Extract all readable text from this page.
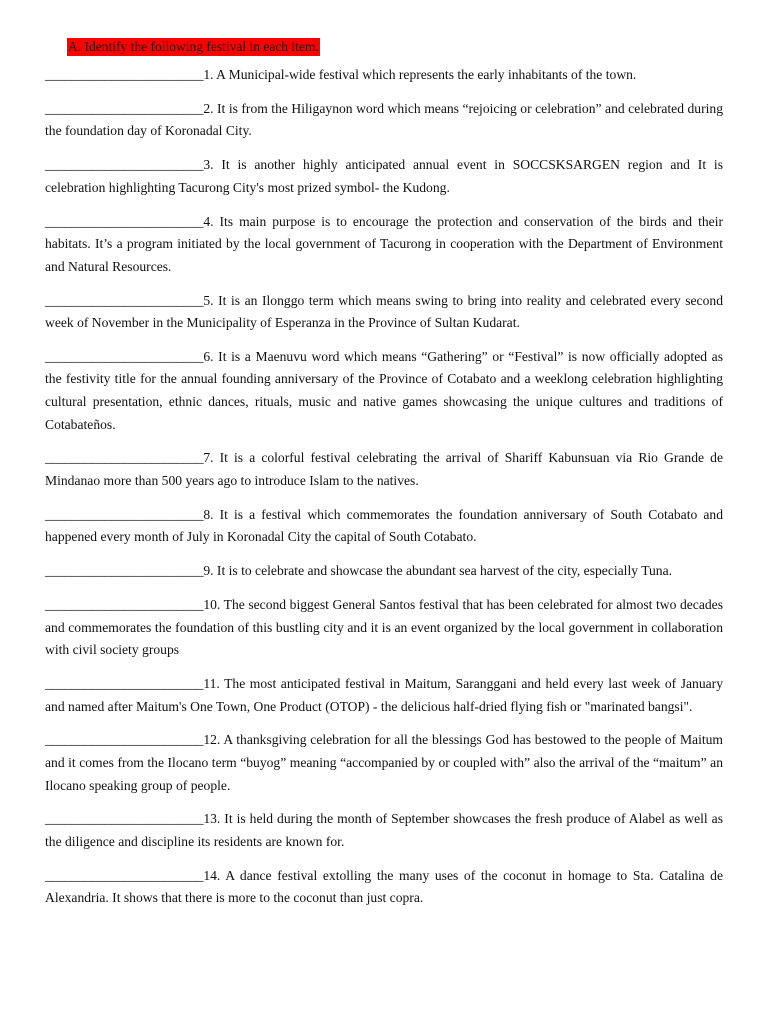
A. Identify the following festival in each item.

________________________1. A Municipal-wide festival which represents the early inhabitants of the town.

________________________2. It is from the Hiligaynon word which means “rejoicing or celebration” and celebrated during the foundation day of Koronadal City.

________________________3. It is another highly anticipated annual event in SOCCSKSARGEN region and It is celebration highlighting Tacurong City's most prized symbol- the Kudong.

________________________4. Its main purpose is to encourage the protection and conservation of the birds and their habitats. It’s a program initiated by the local government of Tacurong in cooperation with the Department of Environment and Natural Resources.

________________________5. It is an Ilonggo term which means swing to bring into reality and celebrated every second week of November in the Municipality of Esperanza in the Province of Sultan Kudarat.

________________________6. It is a Maenuvu word which means “Gathering” or “Festival” is now officially adopted as the festivity title for the annual founding anniversary of the Province of Cotabato and a weeklong celebration highlighting cultural presentation, ethnic dances, rituals, music and native games showcasing the unique cultures and traditions of Cotabateños.

________________________7. It is a colorful festival celebrating the arrival of Shariff Kabunsuan via Rio Grande de Mindanao more than 500 years ago to introduce Islam to the natives.

________________________8. It is a festival which commemorates the foundation anniversary of South Cotabato and happened every month of July in Koronadal City the capital of South Cotabato.

________________________9. It is to celebrate and showcase the abundant sea harvest of the city, especially Tuna.

________________________10. The second biggest General Santos festival that has been celebrated for almost two decades and commemorates the foundation of this bustling city and it is an event organized by the local government in collaboration with civil society groups

________________________11. The most anticipated festival in Maitum, Saranggani and held every last week of January and named after Maitum's One Town, One Product (OTOP) - the delicious half-dried flying fish or "marinated bangsi".

________________________12. A thanksgiving celebration for all the blessings God has bestowed to the people of Maitum and it comes from the Ilocano term “buyog” meaning “accompanied by or coupled with” also the arrival of the “maitum” an Ilocano speaking group of people.

________________________13. It is held during the month of September showcases the fresh produce of Alabel as well as the diligence and discipline its residents are known for.

________________________14. A dance festival extolling the many uses of the coconut in homage to Sta. Catalina de Alexandria. It shows that there is more to the coconut than just copra.
